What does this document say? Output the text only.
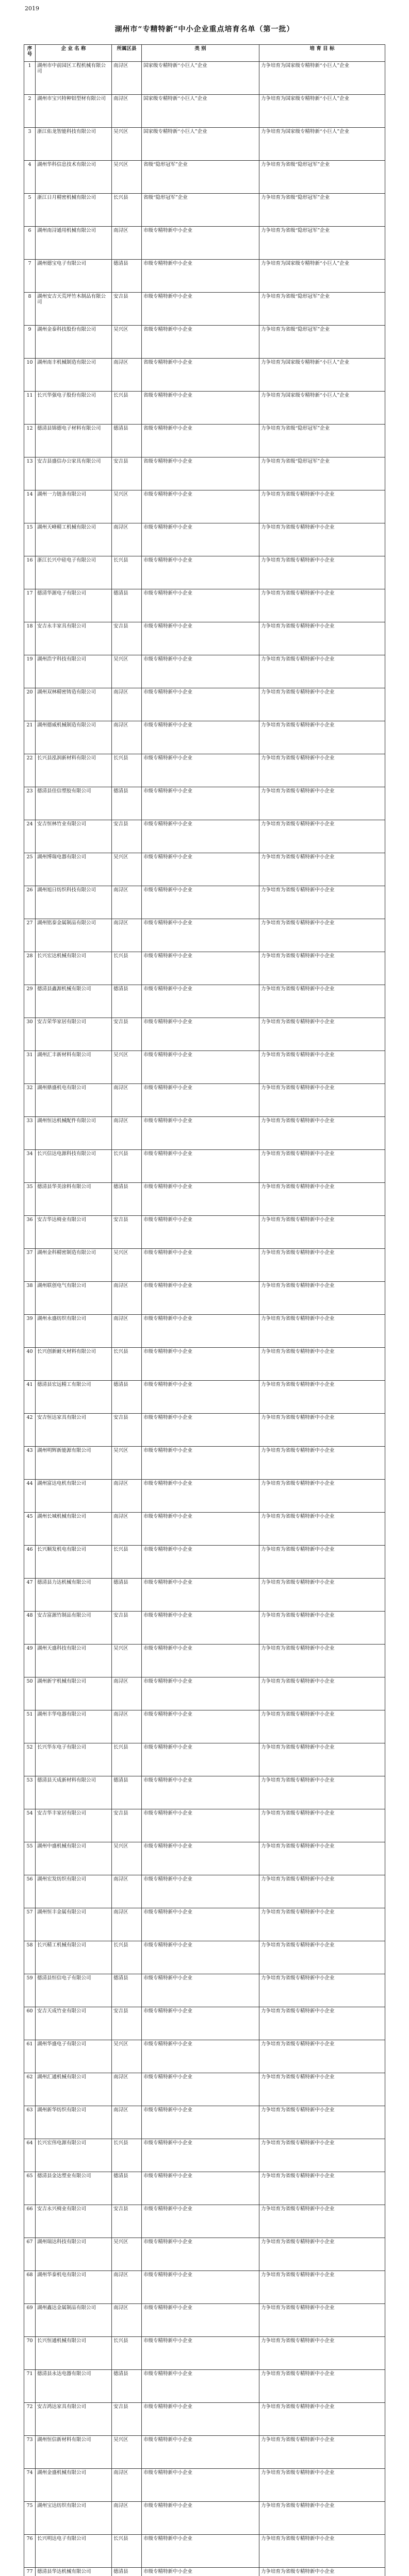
2019
湖州市“专精特新”中小企业重点培育名单（第一批）
序号	企 业 名 称	所属区县	类 别	培 育 目 标
1	湖州市中前园区工程机械有限公司	南浔区	国家级专精特新“小巨人”企业	力争培育为国家级专精特新“小巨人”企业
2	湖州市宝兴特种铝型材有限公司	南浔区	国家级专精特新“小巨人”企业	力争培育为国家级专精特新“小巨人”企业
3	浙江佑龙智能科技有限公司	吴兴区	国家级专精特新“小巨人”企业	力争培育为国家级专精特新“小巨人”企业
4	湖州华科信息技术有限公司	吴兴区	省级“隐形冠军”企业	力争培育为省级“隐形冠军”企业
5	浙江日月精密机械有限公司	长兴县	省级“隐形冠军”企业	力争培育为省级“隐形冠军”企业
6	湖州南浔通用机械有限公司	南浔区	市级专精特新中小企业	力争培育为省级“隐形冠军”企业
7	湖州德宝电子有限公司	德清县	市级专精特新中小企业	力争培育为国家级专精特新“小巨人”企业
8	湖州安吉天荒坪竹木制品有限公司	安吉县	市级专精特新中小企业	力争培育为省级“隐形冠军”企业
9	湖州金泰科技股份有限公司	吴兴区	省级专精特新中小企业	力争培育为省级“隐形冠军”企业
10	湖州南丰机械制造有限公司	南浔区	省级专精特新中小企业	力争培育为国家级专精特新“小巨人”企业
11	长兴华强电子股份有限公司	长兴县	省级专精特新中小企业	力争培育为国家级专精特新“小巨人”企业
12	德清县锦德电子材料有限公司	德清县	省级专精特新中小企业	力争培育为省级“隐形冠军”企业
13	安吉县盛信办公家具有限公司	安吉县	省级专精特新中小企业	力争培育为省级“隐形冠军”企业
14	湖州一力链条有限公司	吴兴区	市级专精特新中小企业	力争培育为省级专精特新中小企业
15	湖州天峰精工机械有限公司	南浔区	市级专精特新中小企业	力争培育为省级专精特新中小企业
16	浙江长兴中硅电子有限公司	长兴县	市级专精特新中小企业	力争培育为省级专精特新中小企业
17	德清华源电子有限公司	德清县	市级专精特新中小企业	力争培育为省级专精特新中小企业
18	安吉永丰家具有限公司	安吉县	市级专精特新中小企业	力争培育为省级专精特新中小企业
19	湖州浩宇科技有限公司	吴兴区	市级专精特新中小企业	力争培育为省级专精特新中小企业
20	湖州双林精密铸造有限公司	南浔区	市级专精特新中小企业	力争培育为省级专精特新中小企业
21	湖州德威机械制造有限公司	南浔区	市级专精特新中小企业	力争培育为省级专精特新中小企业
22	长兴县泓润新材料有限公司	长兴县	市级专精特新中小企业	力争培育为省级专精特新中小企业
23	德清县佳信塑胶有限公司	德清县	市级专精特新中小企业	力争培育为省级专精特新中小企业
24	安吉恒林竹业有限公司	安吉县	市级专精特新中小企业	力争培育为省级专精特新中小企业
25	湖州博瑞电器有限公司	吴兴区	市级专精特新中小企业	力争培育为省级专精特新中小企业
26	湖州旭日纺织科技有限公司	南浔区	市级专精特新中小企业	力争培育为省级专精特新中小企业
27	湖州铭泰金属制品有限公司	南浔区	市级专精特新中小企业	力争培育为省级专精特新中小企业
28	长兴宏达机械有限公司	长兴县	市级专精特新中小企业	力争培育为省级专精特新中小企业
29	德清县鑫源机械有限公司	德清县	市级专精特新中小企业	力争培育为省级专精特新中小企业
30	安吉荣华家居有限公司	安吉县	市级专精特新中小企业	力争培育为省级专精特新中小企业
31	湖州汇丰新材料有限公司	吴兴区	市级专精特新中小企业	力争培育为省级专精特新中小企业
32	湖州鼎盛机电有限公司	南浔区	市级专精特新中小企业	力争培育为省级专精特新中小企业
33	湖州恒达机械配件有限公司	南浔区	市级专精特新中小企业	力争培育为省级专精特新中小企业
34	长兴信达电源科技有限公司	长兴县	市级专精特新中小企业	力争培育为省级专精特新中小企业
35	德清县华美涂料有限公司	德清县	市级专精特新中小企业	力争培育为省级专精特新中小企业
36	安吉华达椅业有限公司	安吉县	市级专精特新中小企业	力争培育为省级专精特新中小企业
37	湖州金科精密制造有限公司	吴兴区	市级专精特新中小企业	力争培育为省级专精特新中小企业
38	湖州联创电气有限公司	南浔区	市级专精特新中小企业	力争培育为省级专精特新中小企业
39	湖州永盛纺织有限公司	南浔区	市级专精特新中小企业	力争培育为省级专精特新中小企业
40	长兴创新耐火材料有限公司	长兴县	市级专精特新中小企业	力争培育为省级专精特新中小企业
41	德清县宏远精工有限公司	德清县	市级专精特新中小企业	力争培育为省级专精特新中小企业
42	安吉恒达家具有限公司	安吉县	市级专精特新中小企业	力争培育为省级专精特新中小企业
43	湖州明辉新能源有限公司	吴兴区	市级专精特新中小企业	力争培育为省级专精特新中小企业
44	湖州富达电机有限公司	南浔区	市级专精特新中小企业	力争培育为省级专精特新中小企业
45	湖州长城机械有限公司	南浔区	市级专精特新中小企业	力争培育为省级专精特新中小企业
46	长兴顺发机电有限公司	长兴县	市级专精特新中小企业	力争培育为省级专精特新中小企业
47	德清县力达机械有限公司	德清县	市级专精特新中小企业	力争培育为省级专精特新中小企业
48	安吉富源竹制品有限公司	安吉县	市级专精特新中小企业	力争培育为省级专精特新中小企业
49	湖州天盛科技有限公司	吴兴区	市级专精特新中小企业	力争培育为省级专精特新中小企业
50	湖州新宇机械有限公司	南浔区	市级专精特新中小企业	力争培育为省级专精特新中小企业
51	湖州丰华电器有限公司	南浔区	市级专精特新中小企业	力争培育为省级专精特新中小企业
52	长兴华东电子有限公司	长兴县	市级专精特新中小企业	力争培育为省级专精特新中小企业
53	德清县天成新材料有限公司	德清县	市级专精特新中小企业	力争培育为省级专精特新中小企业
54	安吉华丰家居有限公司	安吉县	市级专精特新中小企业	力争培育为省级专精特新中小企业
55	湖州中盛机械有限公司	吴兴区	市级专精特新中小企业	力争培育为省级专精特新中小企业
56	湖州宏发纺织有限公司	南浔区	市级专精特新中小企业	力争培育为省级专精特新中小企业
57	湖州恒丰金属有限公司	南浔区	市级专精特新中小企业	力争培育为省级专精特新中小企业
58	长兴精工机械有限公司	长兴县	市级专精特新中小企业	力争培育为省级专精特新中小企业
59	德清县恒信电子有限公司	德清县	市级专精特新中小企业	力争培育为省级专精特新中小企业
60	安吉天成竹业有限公司	安吉县	市级专精特新中小企业	力争培育为省级专精特新中小企业
61	湖州华盛电子有限公司	吴兴区	市级专精特新中小企业	力争培育为省级专精特新中小企业
62	湖州汇通机械有限公司	南浔区	市级专精特新中小企业	力争培育为省级专精特新中小企业
63	湖州新华纺织有限公司	南浔区	市级专精特新中小企业	力争培育为省级专精特新中小企业
64	长兴宏伟电源有限公司	长兴县	市级专精特新中小企业	力争培育为省级专精特新中小企业
65	德清县金达塑业有限公司	德清县	市级专精特新中小企业	力争培育为省级专精特新中小企业
66	安吉永兴椅业有限公司	安吉县	市级专精特新中小企业	力争培育为省级专精特新中小企业
67	湖州瑞达科技有限公司	吴兴区	市级专精特新中小企业	力争培育为省级专精特新中小企业
68	湖州华泰机电有限公司	南浔区	市级专精特新中小企业	力争培育为省级专精特新中小企业
69	湖州鑫达金属制品有限公司	南浔区	市级专精特新中小企业	力争培育为省级专精特新中小企业
70	长兴恒通机械有限公司	长兴县	市级专精特新中小企业	力争培育为省级专精特新中小企业
71	德清县永达电器有限公司	德清县	市级专精特新中小企业	力争培育为省级专精特新中小企业
72	安吉鸿达家具有限公司	安吉县	市级专精特新中小企业	力争培育为省级专精特新中小企业
73	湖州恒信新材料有限公司	吴兴区	市级专精特新中小企业	力争培育为省级专精特新中小企业
74	湖州金盛机械有限公司	南浔区	市级专精特新中小企业	力争培育为省级专精特新中小企业
75	湖州宝达纺织有限公司	南浔区	市级专精特新中小企业	力争培育为省级专精特新中小企业
76	长兴明达电子有限公司	长兴县	市级专精特新中小企业	力争培育为省级专精特新中小企业
77	德清县华达机械有限公司	德清县	市级专精特新中小企业	力争培育为省级专精特新中小企业
